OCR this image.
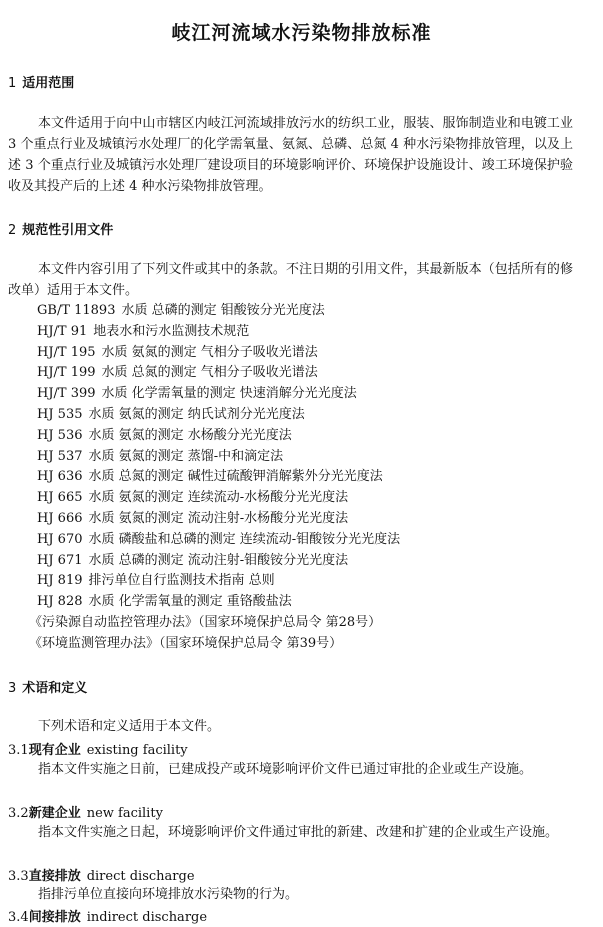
岐江河流域水污染物排放标准
1 适用范围
本文件适用于向中山市辖区内岐江河流域排放污水的纺织工业，服装、服饰制造业和电镀工业 3 个重点行业及城镇污水处理厂的化学需氧量、氨氮、总磷、总氮 4 种水污染物排放管理，以及上述 3 个重点行业及城镇污水处理厂建设项目的环境影响评价、环境保护设施设计、竣工环境保护验收及其投产后的上述 4 种水污染物排放管理。
2 规范性引用文件
本文件内容引用了下列文件或其中的条款。不注日期的引用文件，其最新版本（包括所有的修改单）适用于本文件。
GB/T 11893 水质 总磷的测定 钼酸铵分光光度法
HJ/T 91 地表水和污水监测技术规范
HJ/T 195 水质 氨氮的测定 气相分子吸收光谱法
HJ/T 199 水质 总氮的测定 气相分子吸收光谱法
HJ/T 399 水质 化学需氧量的测定 快速消解分光光度法
HJ 535 水质 氨氮的测定 纳氏试剂分光光度法
HJ 536 水质 氨氮的测定 水杨酸分光光度法
HJ 537 水质 氨氮的测定 蒸馏-中和滴定法
HJ 636 水质 总氮的测定 碱性过硫酸钾消解紫外分光光度法
HJ 665 水质 氨氮的测定 连续流动-水杨酸分光光度法
HJ 666 水质 氨氮的测定 流动注射-水杨酸分光光度法
HJ 670 水质 磷酸盐和总磷的测定 连续流动-钼酸铵分光光度法
HJ 671 水质 总磷的测定 流动注射-钼酸铵分光光度法
HJ 819 排污单位自行监测技术指南 总则
HJ 828 水质 化学需氧量的测定 重铬酸盐法
《污染源自动监控管理办法》（国家环境保护总局令 第28号）
《环境监测管理办法》（国家环境保护总局令 第39号）
3 术语和定义
下列术语和定义适用于本文件。
3.1现有企业 existing facility
指本文件实施之日前，已建成投产或环境影响评价文件已通过审批的企业或生产设施。
3.2新建企业 new facility
指本文件实施之日起，环境影响评价文件通过审批的新建、改建和扩建的企业或生产设施。
3.3直接排放 direct discharge
指排污单位直接向环境排放水污染物的行为。
3.4间接排放 indirect discharge
